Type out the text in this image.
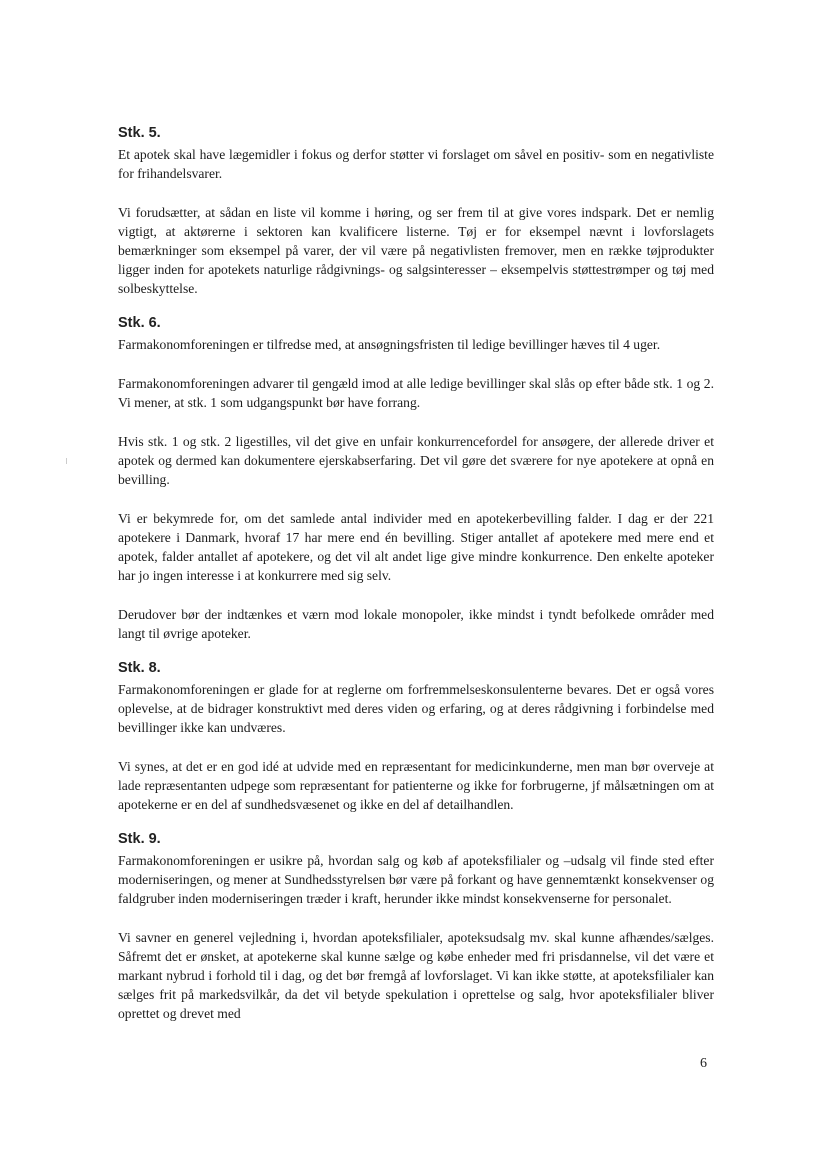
Stk. 5.

Et apotek skal have lægemidler i fokus og derfor støtter vi forslaget om såvel en positiv- som en negativliste for frihandelsvarer.

Vi forudsætter, at sådan en liste vil komme i høring, og ser frem til at give vores indspark. Det er nemlig vigtigt, at aktørerne i sektoren kan kvalificere listerne. Tøj er for eksempel nævnt i lovforslagets bemærkninger som eksempel på varer, der vil være på negativlisten fremover, men en række tøjprodukter ligger inden for apotekets naturlige rådgivnings- og salgsinteresser – eksempelvis støttestrømper og tøj med solbeskyttelse.

Stk. 6.

Farmakonomforeningen er tilfredse med, at ansøgningsfristen til ledige bevillinger hæves til 4 uger.

Farmakonomforeningen advarer til gengæld imod at alle ledige bevillinger skal slås op efter både stk. 1 og 2. Vi mener, at stk. 1 som udgangspunkt bør have forrang.

Hvis stk. 1 og stk. 2 ligestilles, vil det give en unfair konkurrencefordel for ansøgere, der allerede driver et apotek og dermed kan dokumentere ejerskabserfaring. Det vil gøre det sværere for nye apotekere at opnå en bevilling.

Vi er bekymrede for, om det samlede antal individer med en apotekerbevilling falder. I dag er der 221 apotekere i Danmark, hvoraf 17 har mere end én bevilling. Stiger antallet af apotekere med mere end et apotek, falder antallet af apotekere, og det vil alt andet lige give mindre konkurrence. Den enkelte apoteker har jo ingen interesse i at konkurrere med sig selv.

Derudover bør der indtænkes et værn mod lokale monopoler, ikke mindst i tyndt befolkede områder med langt til øvrige apoteker.

Stk. 8.

Farmakonomforeningen er glade for at reglerne om forfremmelseskonsulenterne bevares. Det er også vores oplevelse, at de bidrager konstruktivt med deres viden og erfaring, og at deres rådgivning i forbindelse med bevillinger ikke kan undværes.

Vi synes, at det er en god idé at udvide med en repræsentant for medicinkunderne, men man bør overveje at lade repræsentanten udpege som repræsentant for patienterne og ikke for forbrugerne, jf målsætningen om at apotekerne er en del af sundhedsvæsenet og ikke en del af detailhandlen.

Stk. 9.

Farmakonomforeningen er usikre på, hvordan salg og køb af apoteksfilialer og –udsalg vil finde sted efter moderniseringen, og mener at Sundhedsstyrelsen bør være på forkant og have gennemtænkt konsekvenser og faldgruber inden moderniseringen træder i kraft, herunder ikke mindst konsekvenserne for personalet.

Vi savner en generel vejledning i, hvordan apoteksfilialer, apoteksudsalg mv. skal kunne afhændes/sælges. Såfremt det er ønsket, at apotekerne skal kunne sælge og købe enheder med fri prisdannelse, vil det være et markant nybrud i forhold til i dag, og det bør fremgå af lovforslaget. Vi kan ikke støtte, at apoteksfilialer kan sælges frit på markedsvilkår, da det vil betyde spekulation i oprettelse og salg, hvor apoteksfilialer bliver oprettet og drevet med

6
